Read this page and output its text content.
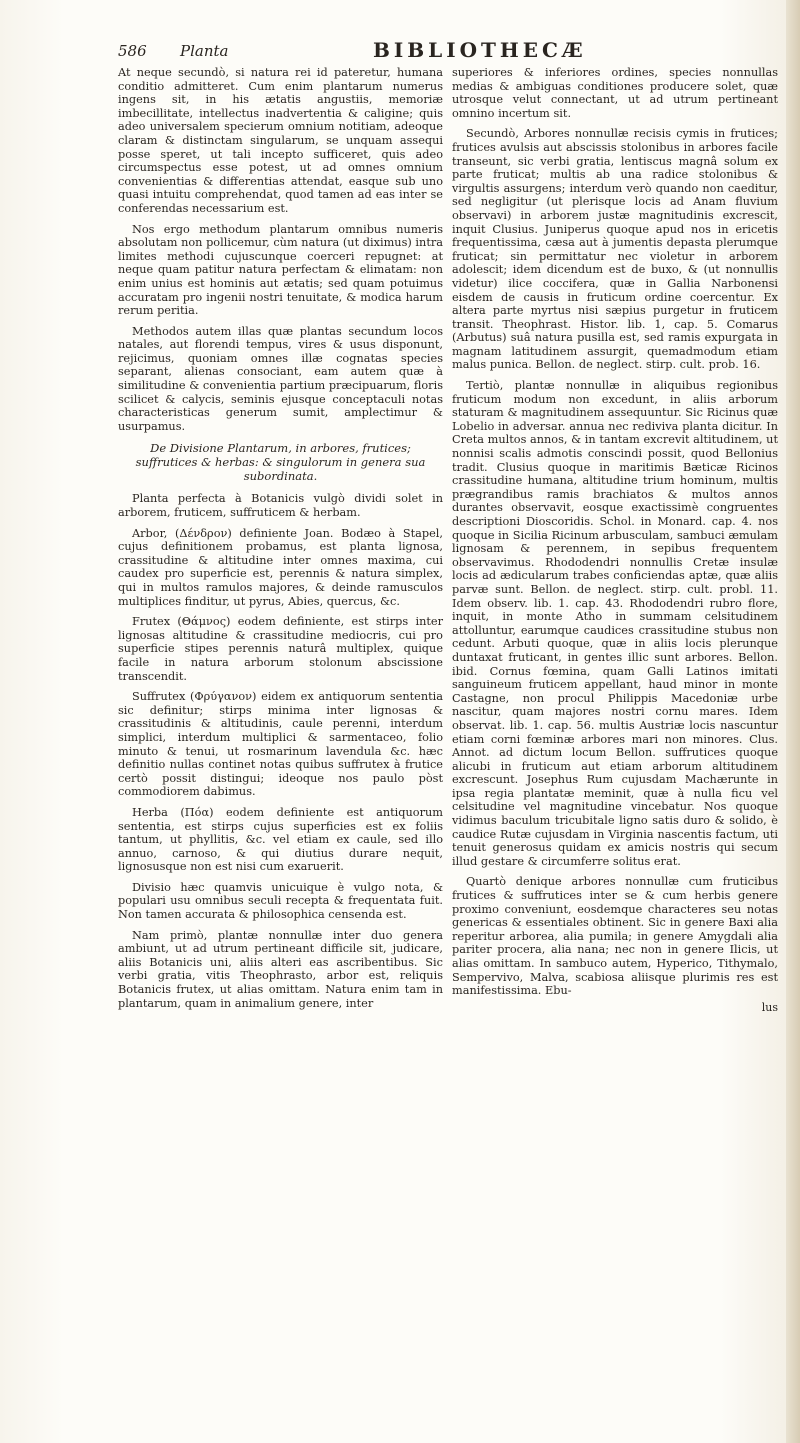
586 Planta	BIBLIOTHECÆ

At neque secundò, si natura rei id pateretur, humana conditio admitteret. Cum enim plantarum numerus ingens sit, in his ætatis angustiis, memoriæ imbecillitate, intellectus inadvertentia & caligine; quis adeo universalem specierum omnium notitiam, adeoque claram & distinctam singularum, se unquam assequi posse speret, ut tali incepto sufficeret, quis adeo circumspectus esse potest, ut ad omnes omnium convenientias & differentias attendat, easque sub uno quasi intuitu comprehendat, quod tamen ad eas inter se conferendas necessarium est.

Nos ergo methodum plantarum omnibus numeris absolutam non pollicemur, cùm natura (ut diximus) intra limites methodi cujuscunque coerceri repugnet: at neque quam patitur natura perfectam & elimatam: non enim unius est hominis aut ætatis; sed quam potuimus accuratam pro ingenii nostri tenuitate, & modica harum rerum peritia.

Methodos autem illas quæ plantas secundum locos natales, aut florendi tempus, vires & usus disponunt, rejicimus, quoniam omnes illæ cognatas species separant, alienas consociant, eam autem quæ à similitudine & convenientia partium præcipuarum, floris scilicet & calycis, seminis ejusque conceptaculi notas characteristicas generum sumit, amplectimur & usurpamus.

De Divisione Plantarum, in arbores, frutices; suffrutices & herbas: & singulorum in genera sua subordinata.

Planta perfecta à Botanicis vulgò dividi solet in arborem, fruticem, suffruticem & herbam.

Arbor, (Δένδρον) definiente Joan. Bodæo à Stapel, cujus definitionem probamus, est planta lignosa, crassitudine & altitudine inter omnes maxima, cui caudex pro superficie est, perennis & natura simplex, qui in multos ramulos majores, & deinde ramusculos multiplices finditur, ut pyrus, Abies, quercus, &c.

Frutex (Θάμνος) eodem definiente, est stirps inter lignosas altitudine & crassitudine mediocris, cui pro superficie stipes perennis naturâ multiplex, quique facile in natura arborum stolonum abscissione transcendit.

Suffrutex (Φρύγανον) eidem ex antiquorum sententia sic definitur; stirps minima inter lignosas & crassitudinis & altitudinis, caule perenni, interdum simplici, interdum multiplici & sarmentaceo, folio minuto & tenui, ut rosmarinum lavendula &c. hæc definitio nullas continet notas quibus suffrutex à frutice certò possit distingui; ideoque nos paulo pòst commodiorem dabimus.

Herba (Πόα) eodem definiente est antiquorum sententia, est stirps cujus superficies est ex foliis tantum, ut phyllitis, &c. vel etiam ex caule, sed illo annuo, carnoso, & qui diutius durare nequit, lignosusque non est nisi cum exaruerit.

Divisio hæc quamvis unicuique è vulgo nota, & populari usu omnibus seculi recepta & frequentata fuit. Non tamen accurata & philosophica censenda est.

Nam primò, plantæ nonnullæ inter duo genera ambiunt, ut ad utrum pertineant difficile sit, judicare, aliis Botanicis uni, aliis alteri eas ascribentibus. Sic verbi gratia, vitis Theophrasto, arbor est, reliquis Botanicis frutex, ut alias omittam. Natura enim tam in plantarum, quam in animalium genere, inter

superiores & inferiores ordines, species nonnullas medias & ambiguas conditiones producere solet, quæ utrosque velut connectant, ut ad utrum pertineant omnino incertum sit.

Secundò, Arbores nonnullæ recisis cymis in frutices; frutices avulsis aut abscissis stolonibus in arbores facile transeunt, sic verbi gratia, lentiscus magnâ solum ex parte fruticat; multis ab una radice stolonibus & virgultis assurgens; interdum verò quando non caeditur, sed negligitur (ut plerisque locis ad Anam fluvium observavi) in arborem justæ magnitudinis excrescit, inquit Clusius. Juniperus quoque apud nos in ericetis frequentissima, cæsa aut à jumentis depasta plerumque fruticat; sin permittatur nec violetur in arborem adolescit; idem dicendum est de buxo, & (ut nonnullis videtur) ilice coccifera, quæ in Gallia Narbonensi eisdem de causis in fruticum ordine coercentur. Ex altera parte myrtus nisi sæpius purgetur in fruticem transit. Theophrast. Histor. lib. 1, cap. 5. Comarus (Arbutus) suâ natura pusilla est, sed ramis expurgata in magnam latitudinem assurgit, quemadmodum etiam malus punica. Bellon. de neglect. stirp. cult. prob. 16.

Tertiò, plantæ nonnullæ in aliquibus regionibus fruticum modum non excedunt, in aliis arborum staturam & magnitudinem assequuntur. Sic Ricinus quæ Lobelio in adversar. annua nec rediviva planta dicitur. In Creta multos annos, & in tantam excrevit altitudinem, ut nonnisi scalis admotis conscindi possit, quod Bellonius tradit. Clusius quoque in maritimis Bæticæ Ricinos crassitudine humana, altitudine trium hominum, multis prægrandibus ramis brachiatos & multos annos durantes observavit, eosque exactissimè congruentes descriptioni Dioscoridis. Schol. in Monard. cap. 4. nos quoque in Sicilia Ricinum arbusculam, sambuci æmulam lignosam & perennem, in sepibus frequentem observavimus. Rhododendri nonnullis Cretæ insulæ locis ad ædicularum trabes conficiendas aptæ, quæ aliis parvæ sunt. Bellon. de neglect. stirp. cult. probl. 11. Idem observ. lib. 1. cap. 43. Rhododendri rubro flore, inquit, in monte Atho in summam celsitudinem attolluntur, earumque caudices crassitudine stubus non cedunt. Arbuti quoque, quæ in aliis locis plerunque duntaxat fruticant, in gentes illic sunt arbores. Bellon. ibid. Cornus fœmina, quam Galli Latinos imitati sanguineum fruticem appellant, haud minor in monte Castagne, non procul Philippis Macedoniæ urbe nascitur, quam majores nostri cornu mares. Idem observat. lib. 1. cap. 56. multis Austriæ locis nascuntur etiam corni fœminæ arbores mari non minores. Clus. Annot. ad dictum locum Bellon. suffrutices quoque alicubi in fruticum aut etiam arborum altitudinem excrescunt. Josephus Rum cujusdam Machærunte in ipsa regia plantatæ meminit, quæ à nulla ficu vel celsitudine vel magnitudine vincebatur. Nos quoque vidimus baculum tricubitale ligno satis duro & solido, è caudice Rutæ cujusdam in Virginia nascentis factum, uti tenuit generosus quidam ex amicis nostris qui secum illud gestare & circumferre solitus erat.

Quartò denique arbores nonnullæ cum fruticibus frutices & suffrutices inter se & cum herbis genere proximo conveniunt, eosdemque characteres seu notas genericas & essentiales obtinent. Sic in genere Baxi alia reperitur arborea, alia pumila; in genere Amygdali alia pariter procera, alia nana; nec non in genere Ilicis, ut alias omittam. In sambuco autem, Hyperico, Tithymalo, Sempervivo, Malva, scabiosa aliisque plurimis res est manifestissima. Ebu-

lus
